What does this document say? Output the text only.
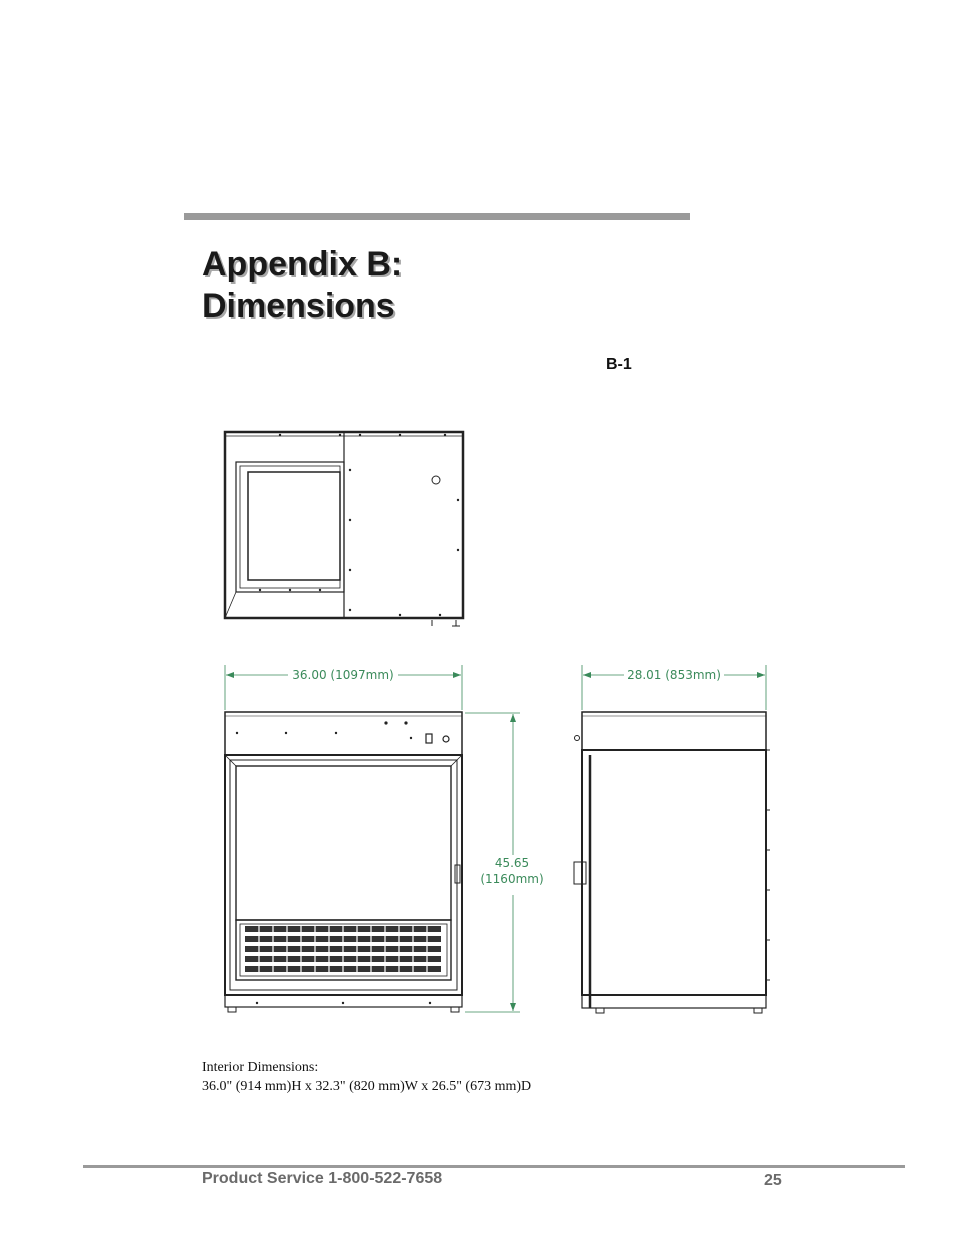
Appendix B:
Dimensions
B-1
36.00 (1097mm)	28.01 (853mm)
45.65
(1160mm)
Interior Dimensions:
36.0" (914 mm)H x 32.3" (820 mm)W x 26.5" (673 mm)D
Product Service 1-800-522-7658	25
